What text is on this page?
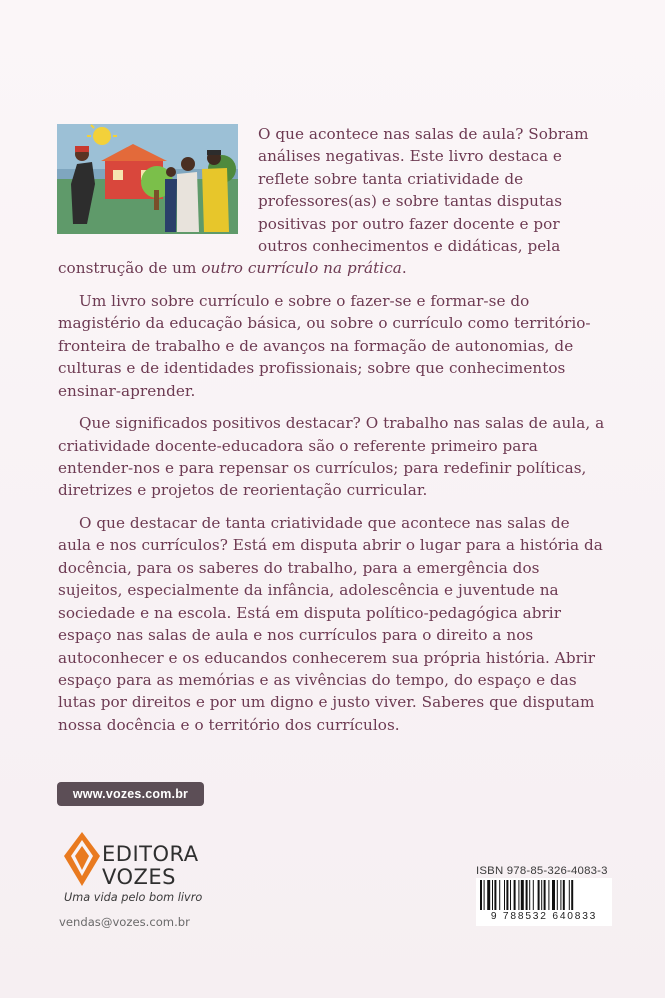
O que acontece nas salas de aula? Sobram análises negativas. Este livro destaca e reflete sobre tanta criatividade de professores(as) e sobre tantas disputas positivas por outro fazer docente e por outros conhecimentos e didáticas, pela construção de um outro currículo na prática.

Um livro sobre currículo e sobre o fazer-se e formar-se do magistério da educação básica, ou sobre o currículo como território-fronteira de trabalho e de avanços na formação de autonomias, de culturas e de identidades profissionais; sobre que conhecimentos ensinar-aprender.

Que significados positivos destacar? O trabalho nas salas de aula, a criatividade docente-educadora são o referente primeiro para entender-nos e para repensar os currículos; para redefinir políticas, diretrizes e projetos de reorientação curricular.

O que destacar de tanta criatividade que acontece nas salas de aula e nos currículos? Está em disputa abrir o lugar para a história da docência, para os saberes do trabalho, para a emergência dos sujeitos, especialmente da infância, adolescência e juventude na sociedade e na escola. Está em disputa político-pedagógica abrir espaço nas salas de aula e nos currículos para o direito a nos autoconhecer e os educandos conhecerem sua própria história. Abrir espaço para as memórias e as vivências do tempo, do espaço e das lutas por direitos e por um digno e justo viver. Saberes que disputam nossa docência e o território dos currículos.

www.vozes.com.br
EDITORA
VOZES
Uma vida pelo bom livro
vendas@vozes.com.br
ISBN 978-85-326-4083-3
9 788532 640833
